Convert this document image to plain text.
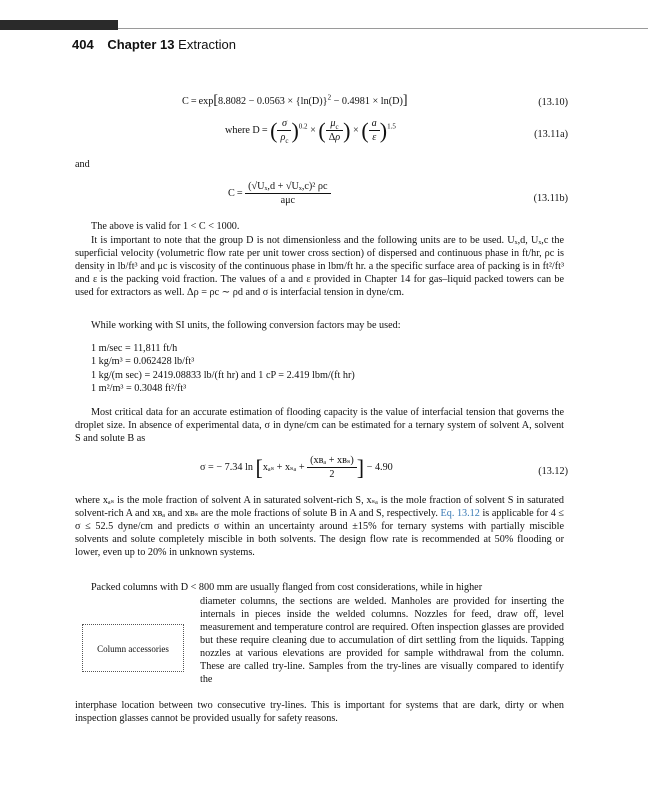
404 Chapter 13 Extraction
$C = \exp[8.8082 - 0.0563 \times \{\ln(D)\}^2 - 0.4981 \times \ln(D)]$	(13.10)
where D = ( $\frac{\sigma}{\rho_c} )^{0.2}$ × ( $\frac{\mu_c}{\Delta\rho}$ ) × ( $\frac{a}{\varepsilon} )^{1.5}$
(13.11a)
and
$C = \frac{\text{(√Uₓ,d + √Uₓ,c)² ρc}}{\text{aμc}}$	(13.11b)
The above is valid for 1 < C < 1000.
It is important to note that the group D is not dimensionless and the following units are to be used. Uₓ,d, Uₓ,c the superficial velocity (volumetric flow rate per unit tower cross section) of dispersed and continuous phase in ft/hr, ρc is density in lb/ft³ and μc is viscosity of the continuous phase in lbm/ft hr. a the specific surface area of packing is in ft²/ft³ and ε is the packing void fraction. The values of a and ε provided in Chapter 14 for gas–liquid packed towers can be used for extractors as well. Δρ = ρc ∼ ρd and σ is interfacial tension in dyne/cm.
While working with SI units, the following conversion factors may be used:
1 m/sec = 11,811 ft/h
1 kg/m³ = 0.062428 lb/ft³
1 kg/(m sec) = 2419.08833 lb/(ft hr) and 1 cP = 2.419 lbm/(ft hr)
1 m²/m³ = 0.3048 ft²/ft³
Most critical data for an accurate estimation of flooding capacity is the value of interfacial tension that governs the droplet size. In absence of experimental data, σ in dyne/cm can be estimated for a ternary system of solvent A, solvent S and solute B as
σ = − 7.34 $\ln [x_{as} + x_{sa} + \frac{\text{(xʙₐ + xʙₛ)}}{2}$ ] − 4.90	(13.12)
where xₐₛ is the mole fraction of solvent A in saturated solvent-rich S, xₛₐ is the mole fraction of solvent S in saturated solvent-rich A and xʙₐ and xʙₛ are the mole fractions of solute B in A and S, respectively. Eq. 13.12 is applicable for 4 ≤ σ ≤ 52.5 dyne/cm and predicts σ within an uncertainty around ±15% for ternary systems with partially miscible solvents and solute completely miscible in both solvents. The design flow rate is recommended at 50% flooding or lower, even up to 20% in unknown systems.
Packed columns with D < 800 mm are usually flanged from cost considerations, while in higher
Column accessories
diameter columns, the sections are welded. Manholes are provided for inserting the internals in pieces inside the welded columns. Nozzles for feed, draw off, level measurement and temperature control are required. Often inspection glasses are provided but these require cleaning due to accumulation of dirt settling from the liquids. Tapping nozzles at various elevations are provided for sample withdrawal from the column. These are called try-line. Samples from the try-lines are visually compared to identify the
interphase location between two consecutive try-lines. This is important for systems that are dark, dirty or when inspection glasses cannot be provided usually for safety reasons.
